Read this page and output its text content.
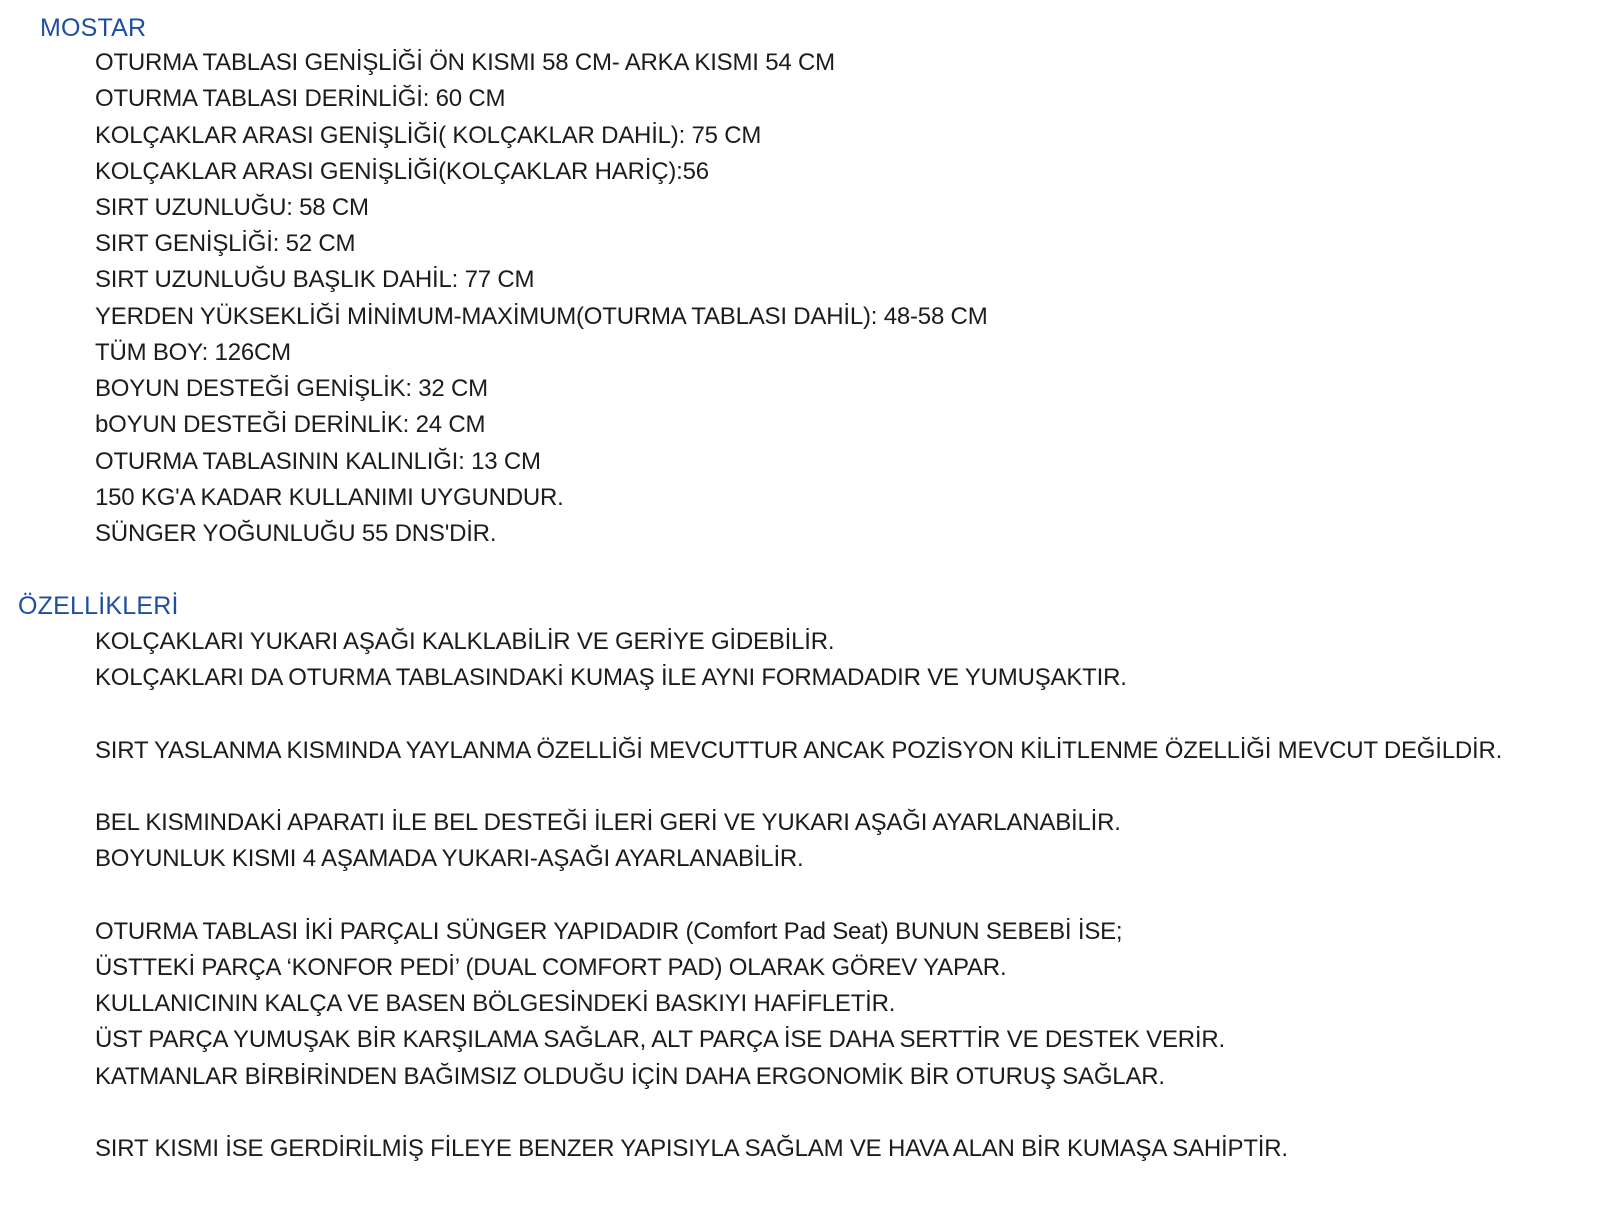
MOSTAR

OTURMA TABLASI GENİŞLİĞİ ÖN KISMI 58 CM- ARKA KISMI 54 CM

OTURMA TABLASI DERİNLİĞİ: 60 CM

KOLÇAKLAR ARASI GENİŞLİĞİ( KOLÇAKLAR DAHİL): 75 CM

KOLÇAKLAR ARASI GENİŞLİĞİ(KOLÇAKLAR HARİÇ):56

SIRT UZUNLUĞU: 58 CM

SIRT GENİŞLİĞİ: 52 CM

SIRT UZUNLUĞU BAŞLIK DAHİL: 77 CM

YERDEN YÜKSEKLİĞİ MİNİMUM-MAXİMUM(OTURMA TABLASI DAHİL): 48-58 CM

TÜM BOY: 126CM

BOYUN DESTEĞİ GENİŞLİK: 32 CM

bOYUN DESTEĞİ DERİNLİK: 24 CM

OTURMA TABLASININ KALINLIĞI: 13 CM

150 KG'A KADAR KULLANIMI UYGUNDUR.

SÜNGER YOĞUNLUĞU 55 DNS'DİR.

ÖZELLİKLERİ

KOLÇAKLARI YUKARI AŞAĞI KALKLABİLİR VE GERİYE GİDEBİLİR.

KOLÇAKLARI DA OTURMA TABLASINDAKİ KUMAŞ İLE AYNI FORMADADIR VE YUMUŞAKTIR.

SIRT YASLANMA KISMINDA YAYLANMA ÖZELLİĞİ MEVCUTTUR ANCAK POZİSYON KİLİTLENME ÖZELLİĞİ MEVCUT DEĞİLDİR.

BEL KISMINDAKİ APARATI İLE BEL DESTEĞİ İLERİ GERİ VE YUKARI AŞAĞI AYARLANABİLİR.

BOYUNLUK KISMI 4 AŞAMADA YUKARI-AŞAĞI AYARLANABİLİR.

OTURMA TABLASI İKİ PARÇALI SÜNGER YAPIDADIR (Comfort Pad Seat) BUNUN SEBEBİ İSE;

ÜSTTEKİ PARÇA ‘KONFOR PEDİ’ (DUAL COMFORT PAD) OLARAK GÖREV YAPAR.

KULLANICININ KALÇA VE BASEN BÖLGESİNDEKİ BASKIYI HAFİFLETİR.

ÜST PARÇA YUMUŞAK BİR KARŞILAMA SAĞLAR, ALT PARÇA İSE DAHA SERTTİR VE DESTEK VERİR.

KATMANLAR BİRBİRİNDEN BAĞIMSIZ OLDUĞU İÇİN DAHA ERGONOMİK BİR OTURUŞ SAĞLAR.

SIRT KISMI İSE GERDİRİLMİŞ FİLEYE BENZER YAPISIYLA SAĞLAM VE HAVA ALAN BİR KUMAŞA SAHİPTİR.
